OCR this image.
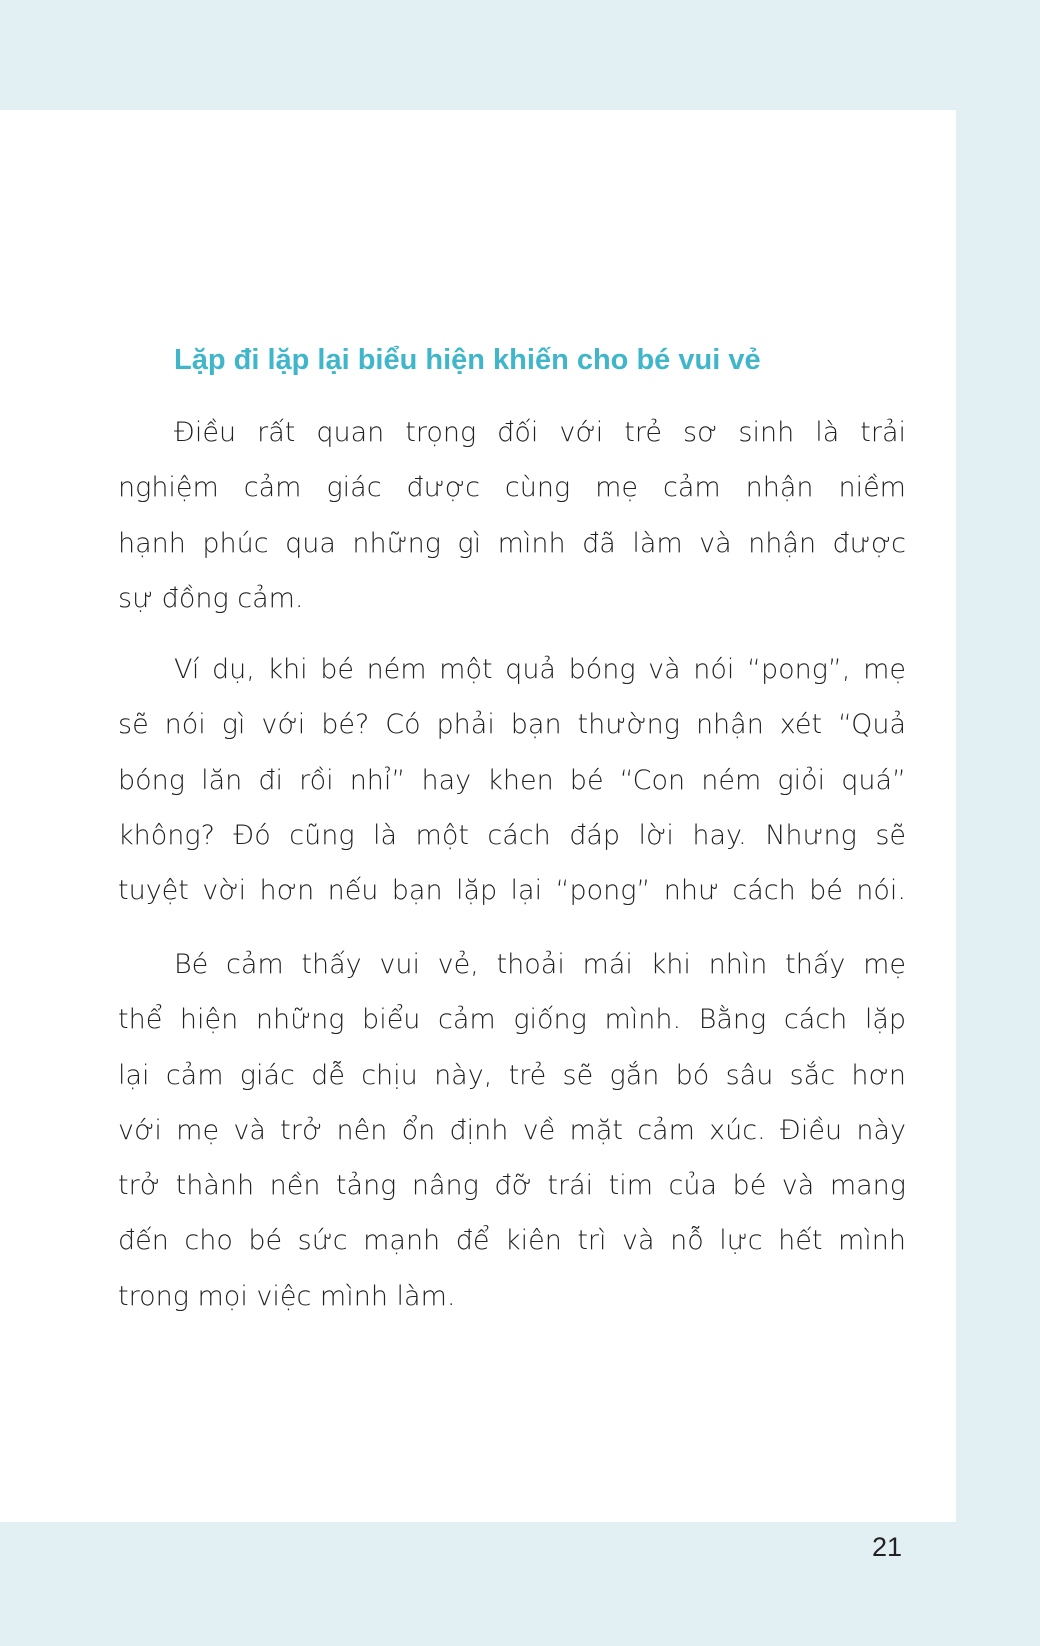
Lặp đi lặp lại biểu hiện khiến cho bé vui vẻ
Điều rất quan trọng đối với trẻ sơ sinh là trải
nghiệm cảm giác được cùng mẹ cảm nhận niềm
hạnh phúc qua những gì mình đã làm và nhận được
sự đồng cảm.
Ví dụ, khi bé ném một quả bóng và nói “pong”, mẹ
sẽ nói gì với bé? Có phải bạn thường nhận xét “Quả
bóng lăn đi rồi nhỉ” hay khen bé “Con ném giỏi quá”
không? Đó cũng là một cách đáp lời hay. Nhưng sẽ
tuyệt vời hơn nếu bạn lặp lại “pong” như cách bé nói.
Bé cảm thấy vui vẻ, thoải mái khi nhìn thấy mẹ
thể hiện những biểu cảm giống mình. Bằng cách lặp
lại cảm giác dễ chịu này, trẻ sẽ gắn bó sâu sắc hơn
với mẹ và trở nên ổn định về mặt cảm xúc. Điều này
trở thành nền tảng nâng đỡ trái tim của bé và mang
đến cho bé sức mạnh để kiên trì và nỗ lực hết mình
trong mọi việc mình làm.
21
